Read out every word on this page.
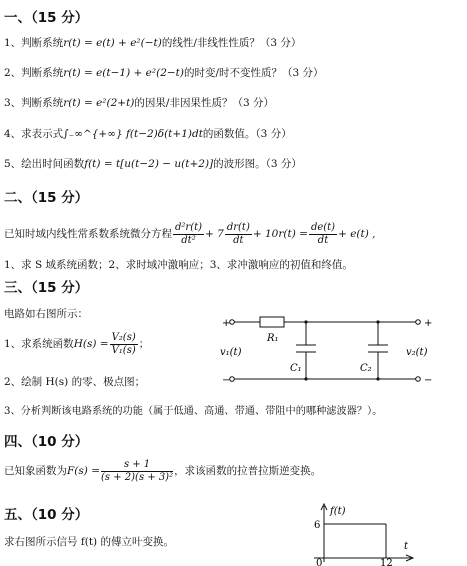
一、（15 分）
1、判断系统r(t) = e(t) + e²(−t)的线性/非线性性质？（3 分）
2、判断系统r(t) = e(t−1) + e²(2−t)的时变/时不变性质？（3 分）
3、判断系统r(t) = e²(2+t)的因果/非因果性质？（3 分）
4、求表示式∫₋∞^{+∞} f(t−2)δ(t+1)dt的函数值。（3 分）
5、绘出时间函数f(t) = t[u(t−2) − u(t+2)]的波形图。（3 分）
二、（15 分）
已知时域内线性常系数系统微分方程 $\frac{\text{d²r(t)}}{\text{dt²}} + 7 \frac{dr(t)}{dt} + 10r(t) = \frac{de(t)}{dt} + e(t)$ ,
1、求 S 域系统函数；2、求时域冲激响应；3、求冲激响应的初值和终值。
三、（15 分）
电路如右图所示：
1、求系统函数 $H(s) = \frac{\text{V₂(s)}}{\text{V₁(s)}}$ ；
2、绘制 H(s) 的零、极点图；
3、分析判断该电路系统的功能（属于低通、高通、带通、带阻中的哪种滤波器？）。
+
−
+
−
R₁
C₁	C₂
v₁(t)	v₂(t)
四、（10 分）
已知象函数为 $F(s) = \frac{s + 1}{\text{(s + 2)(s + 3)²}}$ ，求该函数的拉普拉斯逆变换。
五、（10 分）
求右图所示信号 f(t) 的傅立叶变换。
f(t)
t
6
0	12
